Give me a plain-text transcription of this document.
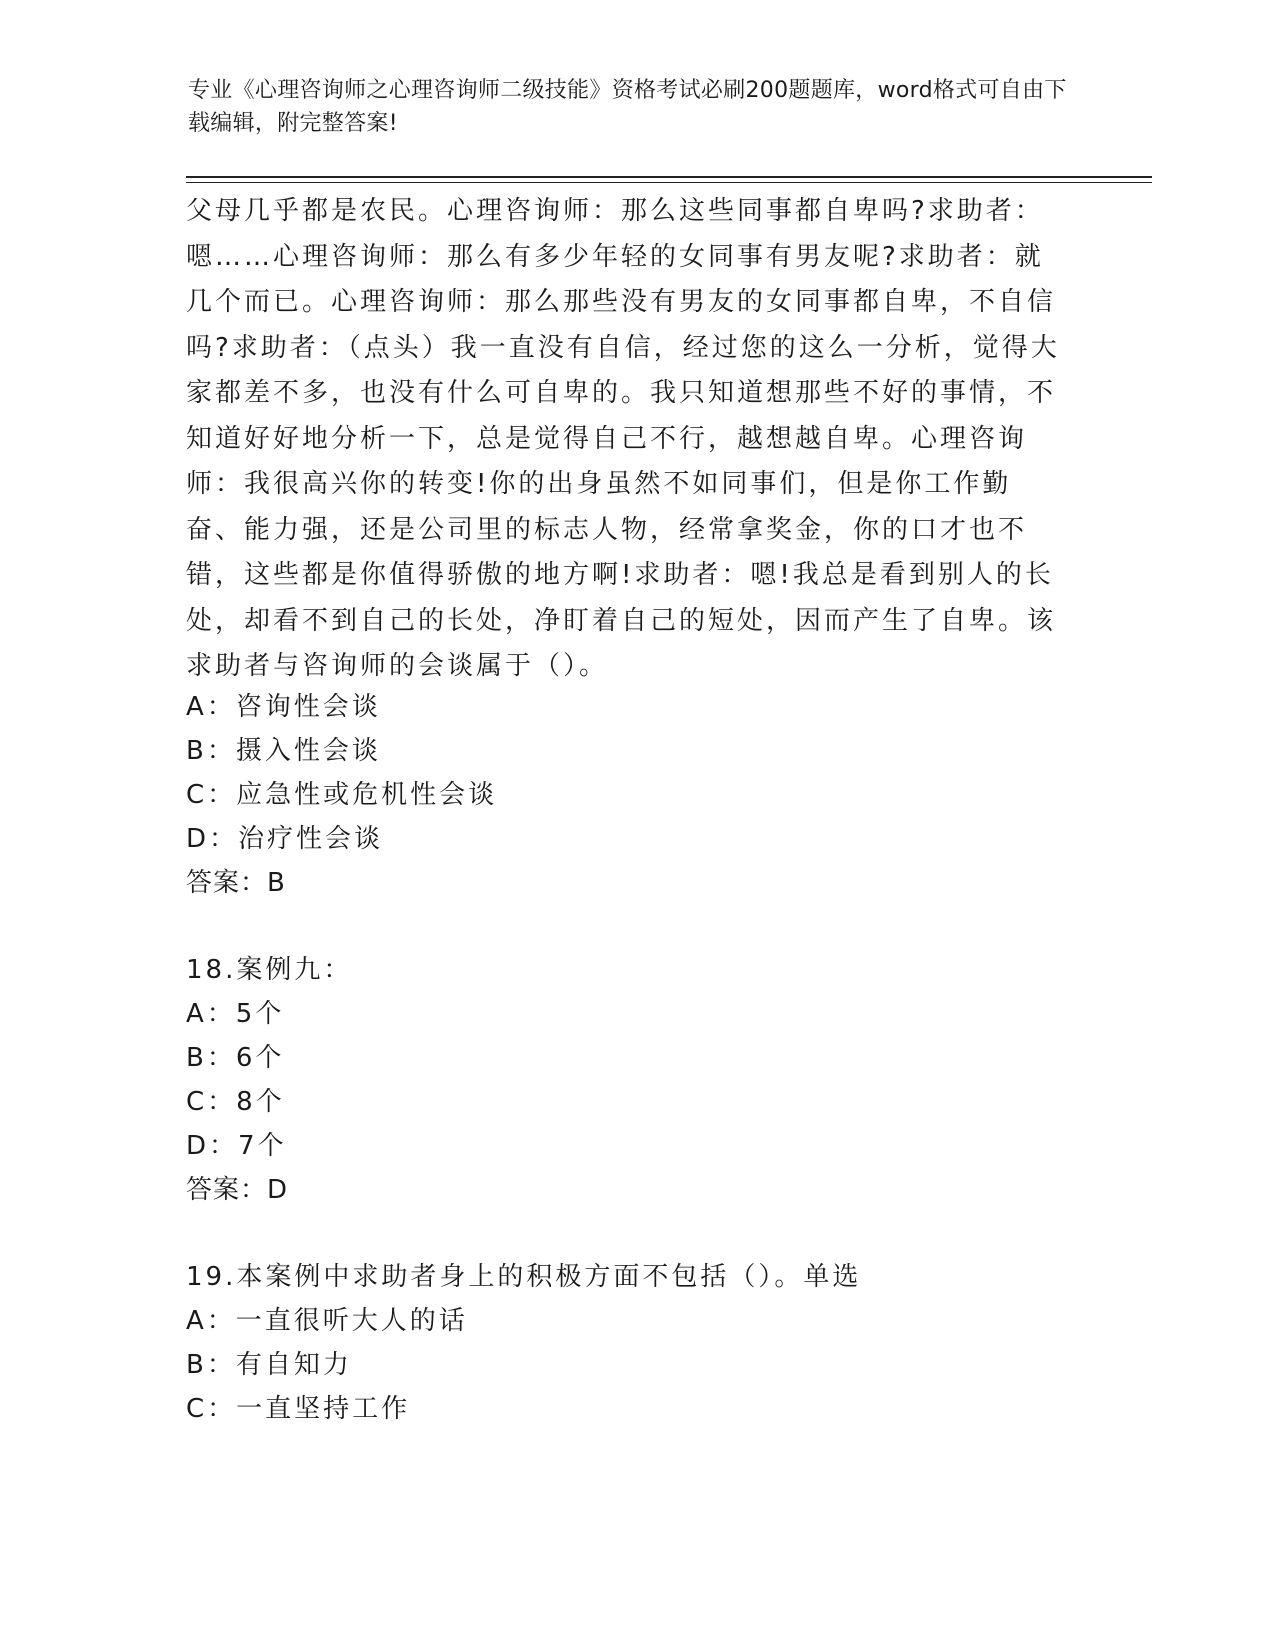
专业《心理咨询师之心理咨询师二级技能》资格考试必刷200题题库，word格式可自由下载编辑，附完整答案!
父母几乎都是农民。心理咨询师：那么这些同事都自卑吗?求助者：嗯……心理咨询师：那么有多少年轻的女同事有男友呢?求助者：就几个而已。心理咨询师：那么那些没有男友的女同事都自卑，不自信吗?求助者：（点头）我一直没有自信，经过您的这么一分析，觉得大家都差不多，也没有什么可自卑的。我只知道想那些不好的事情，不知道好好地分析一下，总是觉得自己不行，越想越自卑。心理咨询师：我很高兴你的转变!你的出身虽然不如同事们，但是你工作勤奋、能力强，还是公司里的标志人物，经常拿奖金，你的口才也不错，这些都是你值得骄傲的地方啊!求助者：嗯!我总是看到别人的长处，却看不到自己的长处，净盯着自己的短处，因而产生了自卑。该求助者与咨询师的会谈属于（）。
A：咨询性会谈
B：摄入性会谈
C：应急性或危机性会谈
D：治疗性会谈
答案：B
18.案例九：
A：5个
B：6个
C：8个
D：7个
答案：D
19.本案例中求助者身上的积极方面不包括（）。单选
A：一直很听大人的话
B：有自知力
C：一直坚持工作
